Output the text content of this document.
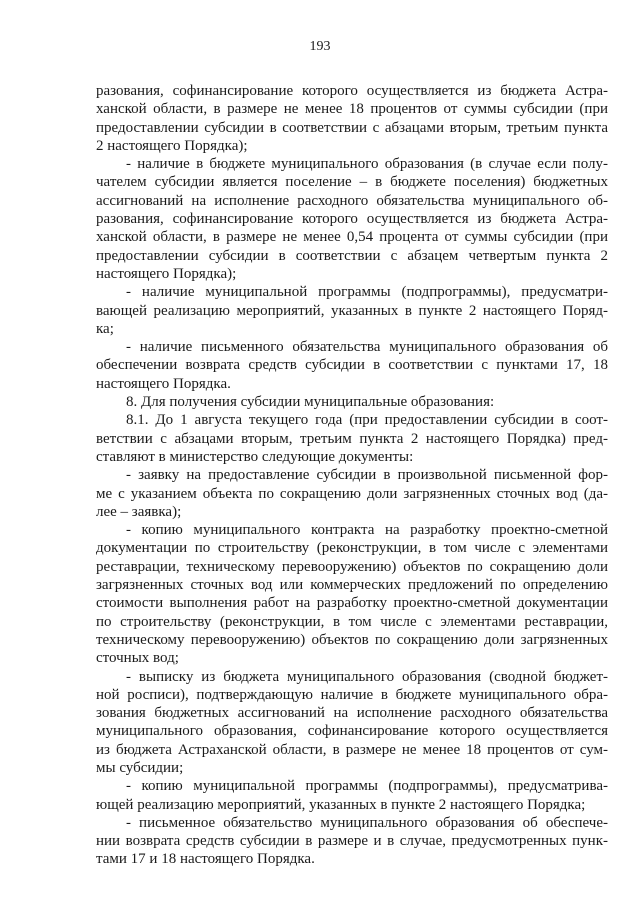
193

разования, софинансирование которого осуществляется из бюджета Астра-

ханской области, в размере не менее 18 процентов от суммы субсидии (при

предоставлении субсидии в соответствии с абзацами вторым, третьим пункта

2 настоящего Порядка);

- наличие в бюджете муниципального образования (в случае если полу-

чателем субсидии является поселение – в бюджете поселения) бюджетных

ассигнований на исполнение расходного обязательства муниципального об-

разования, софинансирование которого осуществляется из бюджета Астра-

ханской области, в размере не менее 0,54 процента от суммы субсидии (при

предоставлении субсидии в соответствии с абзацем четвертым пункта 2

настоящего Порядка);

- наличие муниципальной программы (подпрограммы), предусматри-

вающей реализацию мероприятий, указанных в пункте 2 настоящего Поряд-

ка;

- наличие письменного обязательства муниципального образования об

обеспечении возврата средств субсидии в соответствии с пунктами 17, 18

настоящего Порядка.

8. Для получения субсидии муниципальные образования:

8.1. До 1 августа текущего года (при предоставлении субсидии в соот-

ветствии с абзацами вторым, третьим пункта 2 настоящего Порядка) пред-

ставляют в министерство следующие документы:

- заявку на предоставление субсидии в произвольной письменной фор-

ме с указанием объекта по сокращению доли загрязненных сточных вод (да-

лее – заявка);

- копию муниципального контракта на разработку проектно-сметной

документации по строительству (реконструкции, в том числе с элементами

реставрации, техническому перевооружению) объектов по сокращению доли

загрязненных сточных вод или коммерческих предложений по определению

стоимости выполнения работ на разработку проектно-сметной документации

по строительству (реконструкции, в том числе с элементами реставрации,

техническому перевооружению) объектов по сокращению доли загрязненных

сточных вод;

- выписку из бюджета муниципального образования (сводной бюджет-

ной росписи), подтверждающую наличие в бюджете муниципального обра-

зования бюджетных ассигнований на исполнение расходного обязательства

муниципального образования, софинансирование которого осуществляется

из бюджета Астраханской области, в размере не менее 18 процентов от сум-

мы субсидии;

- копию муниципальной программы (подпрограммы), предусматрива-

ющей реализацию мероприятий, указанных в пункте 2 настоящего Порядка;

- письменное обязательство муниципального образования об обеспече-

нии возврата средств субсидии в размере и в случае, предусмотренных пунк-

тами 17 и 18 настоящего Порядка.
